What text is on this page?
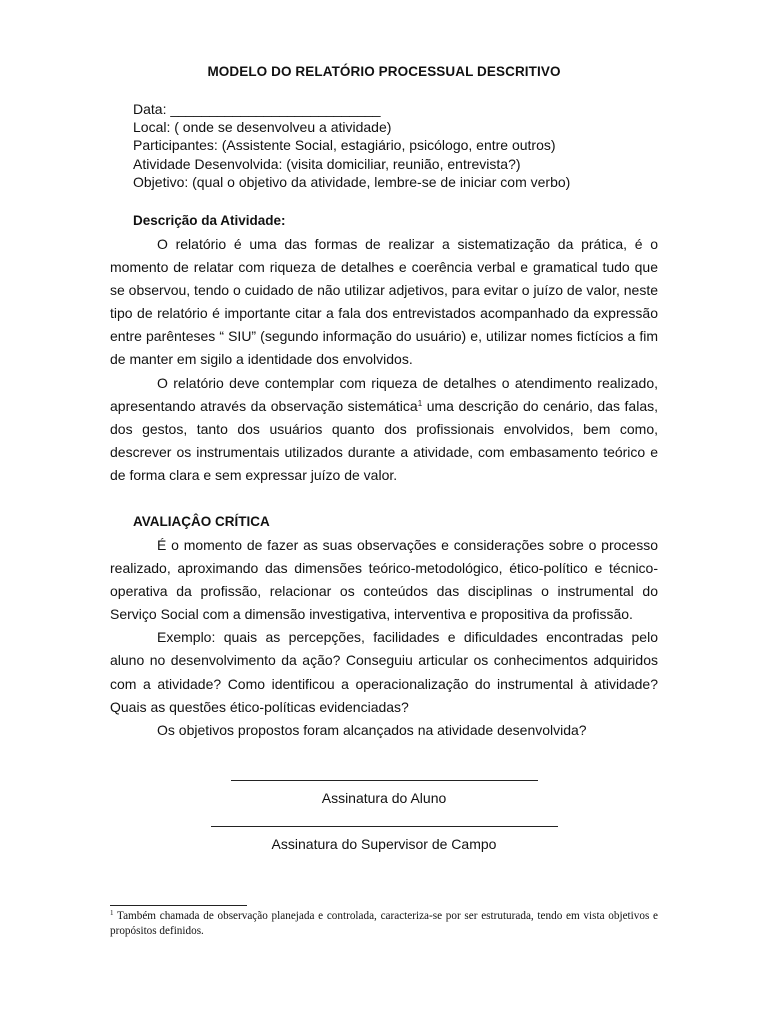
MODELO DO RELATÓRIO PROCESSUAL DESCRITIVO
Data: ___________________________
Local: ( onde se desenvolveu a atividade)
Participantes: (Assistente Social, estagiário, psicólogo, entre outros)
Atividade Desenvolvida: (visita domiciliar, reunião, entrevista?)
Objetivo: (qual o objetivo da atividade, lembre-se de iniciar com verbo)
Descrição da Atividade:

O relatório é uma das formas de realizar a sistematização da prática, é o momento de relatar com riqueza de detalhes e coerência verbal e gramatical tudo que se observou, tendo o cuidado de não utilizar adjetivos, para evitar o juízo de valor, neste tipo de relatório é importante citar a fala dos entrevistados acompanhado da expressão entre parênteses “ SIU” (segundo informação do usuário) e, utilizar nomes fictícios a fim de manter em sigilo a identidade dos envolvidos.

O relatório deve contemplar com riqueza de detalhes o atendimento realizado, apresentando através da observação sistemática$^1$ uma descrição do cenário, das falas, dos gestos, tanto dos usuários quanto dos profissionais envolvidos, bem como, descrever os instrumentais utilizados durante a atividade, com embasamento teórico e de forma clara e sem expressar juízo de valor.

AVALIAÇÂO CRÍTICA

É o momento de fazer as suas observações e considerações sobre o processo realizado, aproximando das dimensões teórico-metodológico, ético-político e técnico-operativa da profissão, relacionar os conteúdos das disciplinas o instrumental do Serviço Social com a dimensão investigativa, interventiva e propositiva da profissão.

Exemplo: quais as percepções, facilidades e dificuldades encontradas pelo aluno no desenvolvimento da ação? Conseguiu articular os conhecimentos adquiridos com a atividade? Como identificou a operacionalização do instrumental à atividade? Quais as questões ético-políticas evidenciadas?

Os objetivos propostos foram alcançados na atividade desenvolvida?

Assinatura do Aluno
Assinatura do Supervisor de Campo
$^1$ Também chamada de observação planejada e controlada, caracteriza-se por ser estruturada, tendo em vista objetivos e propósitos definidos.
